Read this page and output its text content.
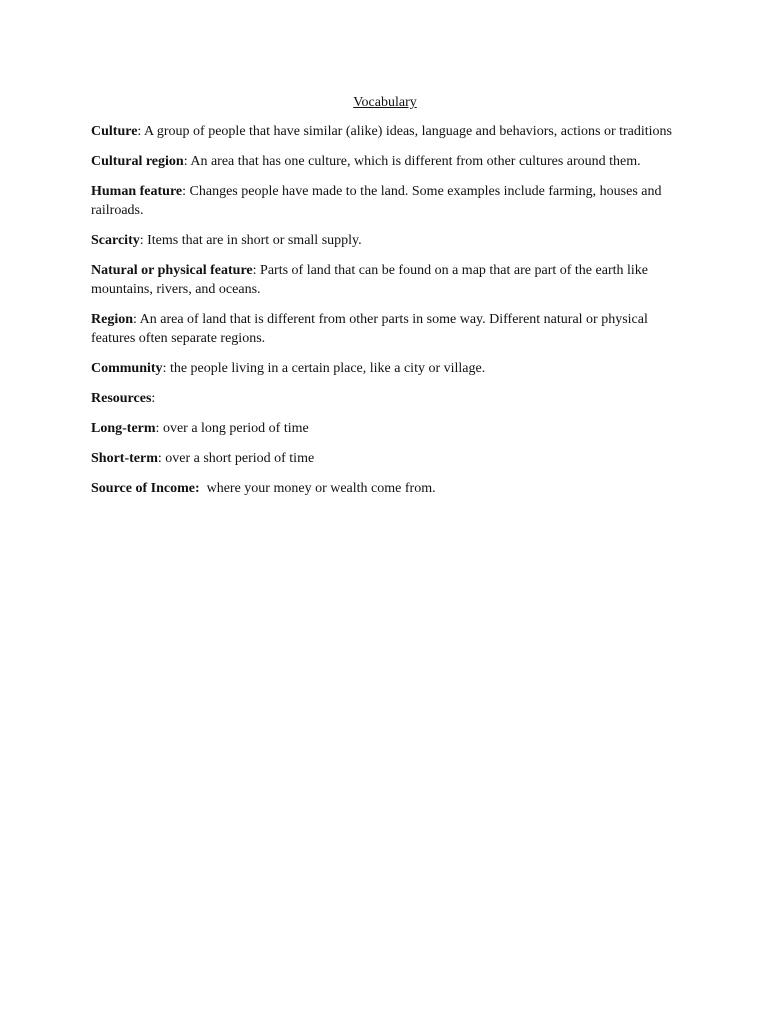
Vocabulary

Culture: A group of people that have similar (alike) ideas, language and behaviors, actions or traditions

Cultural region: An area that has one culture, which is different from other cultures around them.

Human feature: Changes people have made to the land. Some examples include farming, houses and railroads.

Scarcity: Items that are in short or small supply.

Natural or physical feature: Parts of land that can be found on a map that are part of the earth like mountains, rivers, and oceans.

Region: An area of land that is different from other parts in some way. Different natural or physical features often separate regions.

Community: the people living in a certain place, like a city or village.

Resources:

Long-term: over a long period of time

Short-term: over a short period of time

Source of Income: where your money or wealth come from.
